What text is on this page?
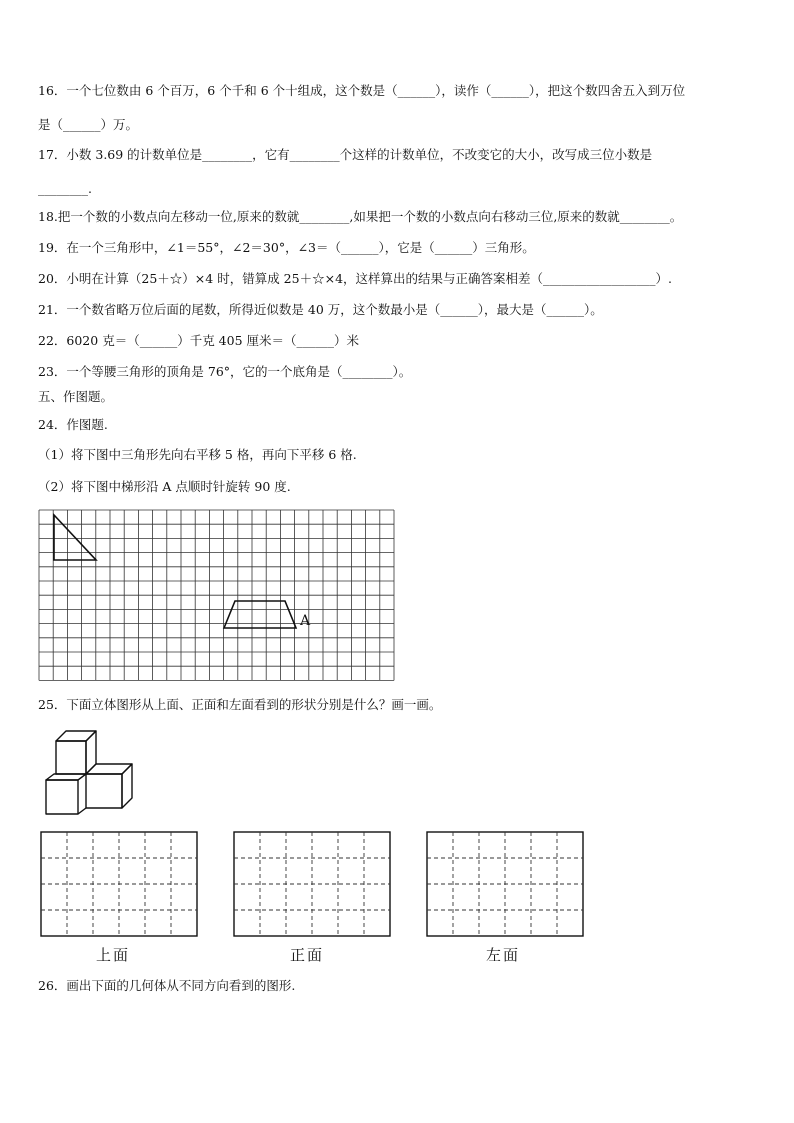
16．一个七位数由 6 个百万，6 个千和 6 个十组成，这个数是（______），读作（______），把这个数四舍五入到万位
是（______）万。
17．小数 3.69 的计数单位是________，它有________个这样的计数单位，不改变它的大小，改写成三位小数是
________.
18.把一个数的小数点向左移动一位,原来的数就________,如果把一个数的小数点向右移动三位,原来的数就________。
19．在一个三角形中，∠1＝55°，∠2＝30°，∠3＝（______），它是（______）三角形。
20．小明在计算（25＋☆）×4 时，错算成 25＋☆×4，这样算出的结果与正确答案相差（__________________）.
21．一个数省略万位后面的尾数，所得近似数是 40 万，这个数最小是（______），最大是（______）。
22．6020 克＝（______）千克 405 厘米＝（______）米
23．一个等腰三角形的顶角是 76°，它的一个底角是（________）。
五、作图题。
24．作图题.
（1）将下图中三角形先向右平移 5 格，再向下平移 6 格.
（2）将下图中梯形沿 A 点顺时针旋转 90 度.
A
25．下面立体图形从上面、正面和左面看到的形状分别是什么？画一画。
上面	正面	左面
26．画出下面的几何体从不同方向看到的图形.
